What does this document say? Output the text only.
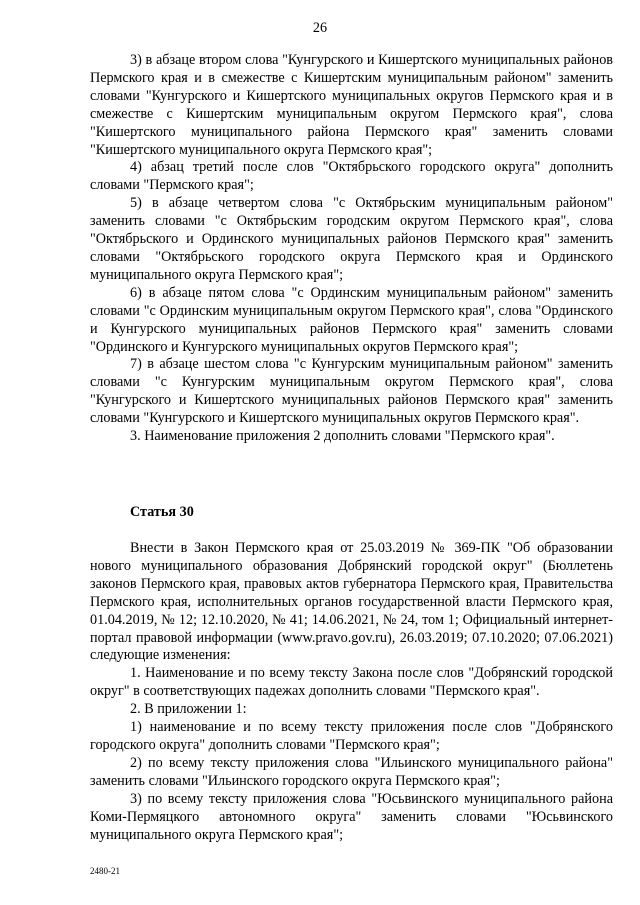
26

3) в абзаце втором слова "Кунгурского и Кишертского муниципальных районов Пермского края и в смежестве с Кишертским муниципальным районом" заменить словами "Кунгурского и Кишертского муниципальных округов Пермского края и в смежестве с Кишертским муниципальным округом Пермского края", слова "Кишертского муниципального района Пермского края" заменить словами "Кишертского муниципального округа Пермского края";

4) абзац третий после слов "Октябрьского городского округа" дополнить словами "Пермского края";

5) в абзаце четвертом слова "с Октябрьским муниципальным районом" заменить словами "с Октябрьским городским округом Пермского края", слова "Октябрьского и Ординского муниципальных районов Пермского края" заменить словами "Октябрьского городского округа Пермского края и Ординского муниципального округа Пермского края";

6) в абзаце пятом слова "с Ординским муниципальным районом" заменить словами "с Ординским муниципальным округом Пермского края", слова "Ординского и Кунгурского муниципальных районов Пермского края" заменить словами "Ординского и Кунгурского муниципальных округов Пермского края";

7) в абзаце шестом слова "с Кунгурским муниципальным районом" заменить словами "с Кунгурским муниципальным округом Пермского края", слова "Кунгурского и Кишертского муниципальных районов Пермского края" заменить словами "Кунгурского и Кишертского муниципальных округов Пермского края".

3. Наименование приложения 2 дополнить словами "Пермского края".

Статья 30

Внести в Закон Пермского края от 25.03.2019 № 369-ПК "Об образовании нового муниципального образования Добрянский городской округ" (Бюллетень законов Пермского края, правовых актов губернатора Пермского края, Правительства Пермского края, исполнительных органов государственной власти Пермского края, 01.04.2019, № 12; 12.10.2020, № 41; 14.06.2021, № 24, том 1; Официальный интернет-портал правовой информации (www.pravo.gov.ru), 26.03.2019; 07.10.2020; 07.06.2021) следующие изменения:

1. Наименование и по всему тексту Закона после слов "Добрянский городской округ" в соответствующих падежах дополнить словами "Пермского края".

2. В приложении 1:

1) наименование и по всему тексту приложения после слов "Добрянского городского округа" дополнить словами "Пермского края";

2) по всему тексту приложения слова "Ильинского муниципального района" заменить словами "Ильинского городского округа Пермского края";

3) по всему тексту приложения слова "Юсьвинского муниципального района Коми-Пермяцкого автономного округа" заменить словами "Юсьвинского муниципального округа Пермского края";

2480-21
